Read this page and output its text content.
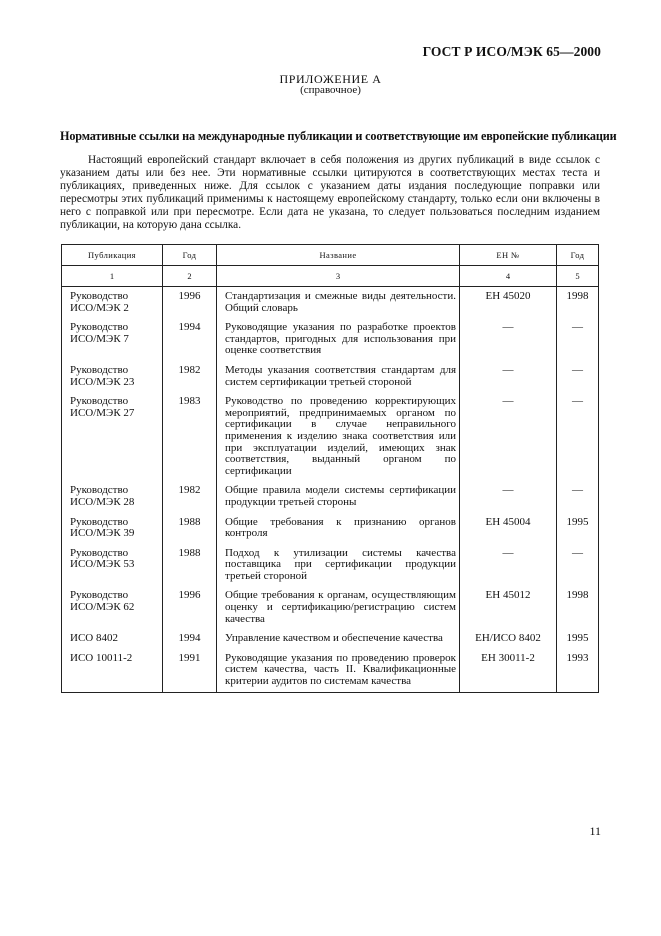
ГОСТ Р ИСО/МЭК 65—2000
ПРИЛОЖЕНИЕ А
(справочное)
Нормативные ссылки на международные публикации и соответствующие им европейские публикации

Настоящий европейский стандарт включает в себя положения из других публикаций в виде ссылок с указанием даты или без нее. Эти нормативные ссылки цитируются в соответствующих местах теста и публикациях, приведенных ниже. Для ссылок с указанием даты издания последующие поправки или пересмотры этих публикаций применимы к настоящему европейскому стандарту, только если они включены в него с поправкой или при пересмотре. Если дата не указана, то следует пользоваться последним изданием публикации, на которую дана ссылка.

Публикация	Год	Название	ЕН №	Год
1	2	3	4	5

Руководство
ИСО/МЭК 2	1996	Стандартизация и смежные виды деятельности. Общий словарь	ЕН 45020	1998

Руководство
ИСО/МЭК 7	1994	Руководящие указания по разработке проектов стандартов, пригодных для использования при оценке соответствия	—	—

Руководство
ИСО/МЭК 23	1982	Методы указания соответствия стандартам для систем сертификации третьей стороной	—	—

Руководство
ИСО/МЭК 27	1983	Руководство по проведению корректирующих мероприятий, предпринимаемых органом по сертификации в случае неправильного применения к изделию знака соответствия или при эксплуатации изделий, имеющих знак соответствия, выданный органом по сертификации	—	—

Руководство
ИСО/МЭК 28	1982	Общие правила модели системы сертификации продукции третьей стороны	—	—

Руководство
ИСО/МЭК 39	1988	Общие требования к признанию органов контроля	ЕН 45004	1995

Руководство
ИСО/МЭК 53	1988	Подход к утилизации системы качества поставщика при сертификации продукции третьей стороной	—	—

Руководство
ИСО/МЭК 62	1996	Общие требования к органам, осуществляющим оценку и сертификацию/регистрацию систем качества	ЕН 45012	1998

ИСО 8402	1994	Управление качеством и обеспечение качества	ЕН/ИСО 8402	1995

ИСО 10011-2	1991	Руководящие указания по проведению проверок систем качества, часть II. Квалификационные критерии аудитов по системам качества	ЕН 30011-2	1993
11
